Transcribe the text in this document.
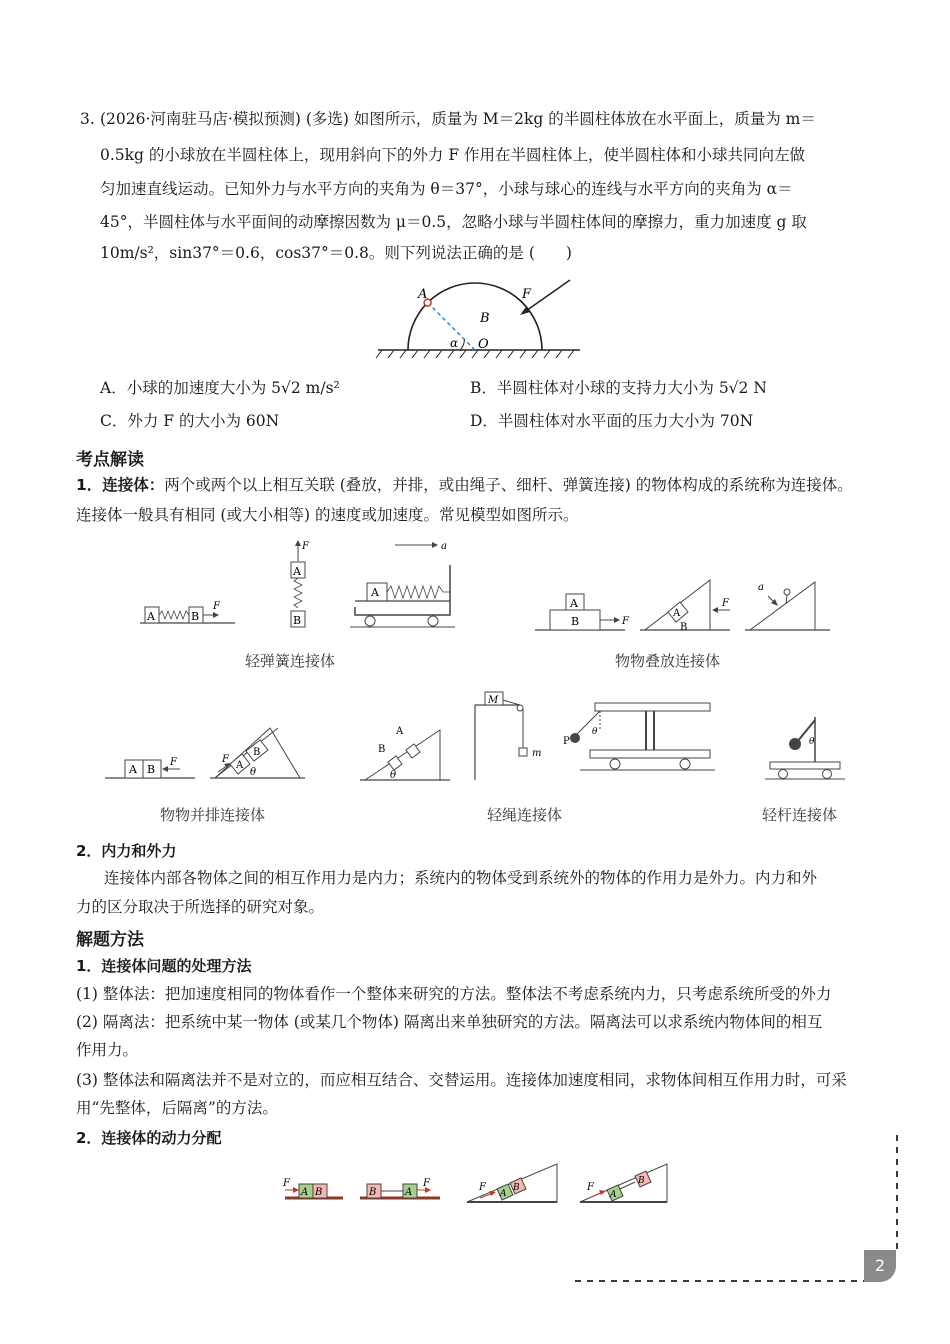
3. (2026·河南驻马店·模拟预测) (多选) 如图所示，质量为 M＝2kg 的半圆柱体放在水平面上，质量为 m＝
0.5kg 的小球放在半圆柱体上，现用斜向下的外力 F 作用在半圆柱体上，使半圆柱体和小球共同向左做
匀加速直线运动。已知外力与水平方向的夹角为 θ＝37°，小球与球心的连线与水平方向的夹角为 α＝
45°，半圆柱体与水平面间的动摩擦因数为 μ＝0.5，忽略小球与半圆柱体间的摩擦力，重力加速度 g 取
10m/s²，sin37°＝0.6，cos37°＝0.8。则下列说法正确的是 (　　)
A	F
B
α O
A．小球的加速度大小为 5√2 m/s²	B．半圆柱体对小球的支持力大小为 5√2 N
C．外力 F 的大小为 60N	D．半圆柱体对水平面的压力大小为 70N
考点解读
1．连接体：两个或两个以上相互关联 (叠放，并排，或由绳子、细杆、弹簧连接) 的物体构成的系统称为连接体。
连接体一般具有相同 (或大小相等) 的速度或加速度。常见模型如图所示。
A	B
F
F
A
B
a
A
B
A
F
A
B
F
a
轻弹簧连接体	物物叠放连接体
A B
F	A
B
F
θ
B
A
θ
M
m
P
θ
θ
物物并排连接体	轻绳连接体	轻杆连接体
2．内力和外力
连接体内部各物体之间的相互作用力是内力；系统内的物体受到系统外的物体的作用力是外力。内力和外
力的区分取决于所选择的研究对象。
解题方法
1．连接体问题的处理方法
(1) 整体法：把加速度相同的物体看作一个整体来研究的方法。整体法不考虑系统内力，只考虑系统所受的外力
(2) 隔离法：把系统中某一物体 (或某几个物体) 隔离出来单独研究的方法。隔离法可以求系统内物体间的相互
作用力。
(3) 整体法和隔离法并不是对立的，而应相互结合、交替运用。连接体加速度相同，求物体间相互作用力时，可采
用“先整体，后隔离”的方法。
2．连接体的动力分配
F
A B	B	A
F
A
B
F
A
B
F
2
